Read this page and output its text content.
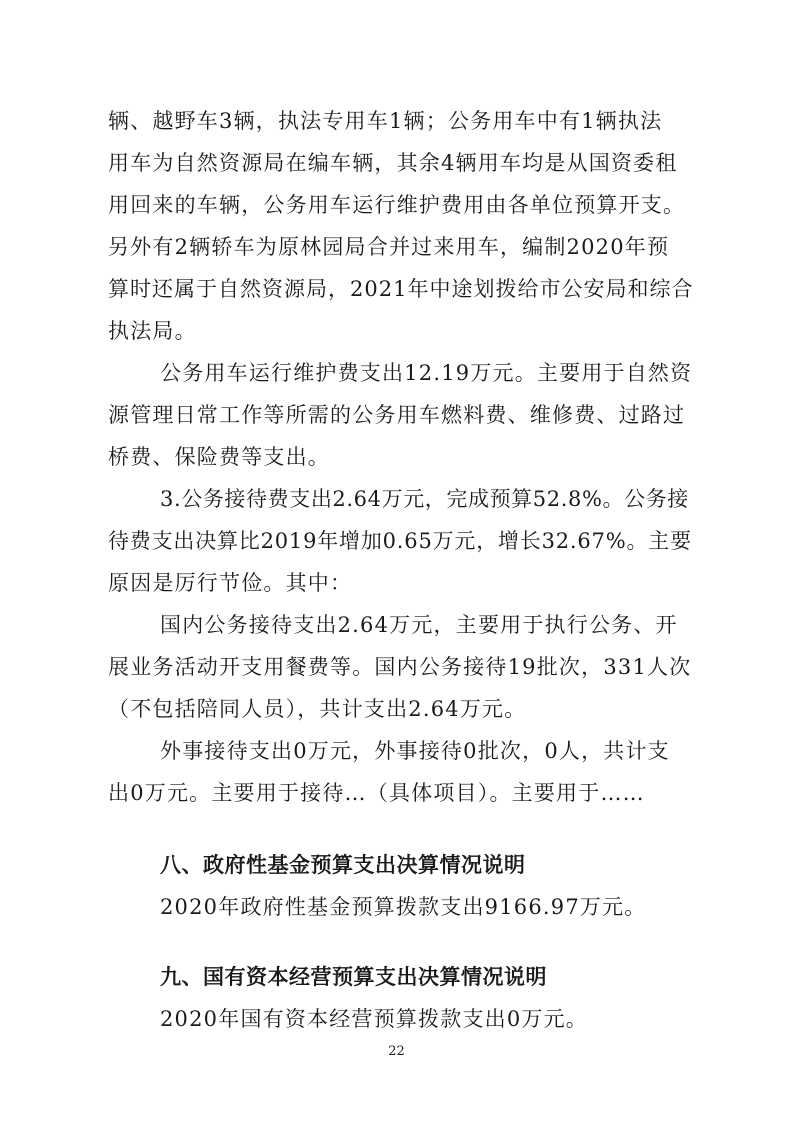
辆、越野车3辆，执法专用车1辆；公务用车中有1辆执法
用车为自然资源局在编车辆，其余4辆用车均是从国资委租
用回来的车辆，公务用车运行维护费用由各单位预算开支。
另外有2辆轿车为原林园局合并过来用车，编制2020年预
算时还属于自然资源局，2021年中途划拨给市公安局和综合
执法局。
公务用车运行维护费支出12.19万元。主要用于自然资
源管理日常工作等所需的公务用车燃料费、维修费、过路过
桥费、保险费等支出。
3.公务接待费支出2.64万元，完成预算52.8%。公务接
待费支出决算比2019年增加0.65万元，增长32.67%。主要
原因是厉行节俭。其中：
国内公务接待支出2.64万元，主要用于执行公务、开
展业务活动开支用餐费等。国内公务接待19批次，331人次
（不包括陪同人员），共计支出2.64万元。
外事接待支出0万元，外事接待0批次，0人，共计支
出0万元。主要用于接待…（具体项目）。主要用于……
八、政府性基金预算支出决算情况说明
2020年政府性基金预算拨款支出9166.97万元。
九、国有资本经营预算支出决算情况说明
2020年国有资本经营预算拨款支出0万元。
22
